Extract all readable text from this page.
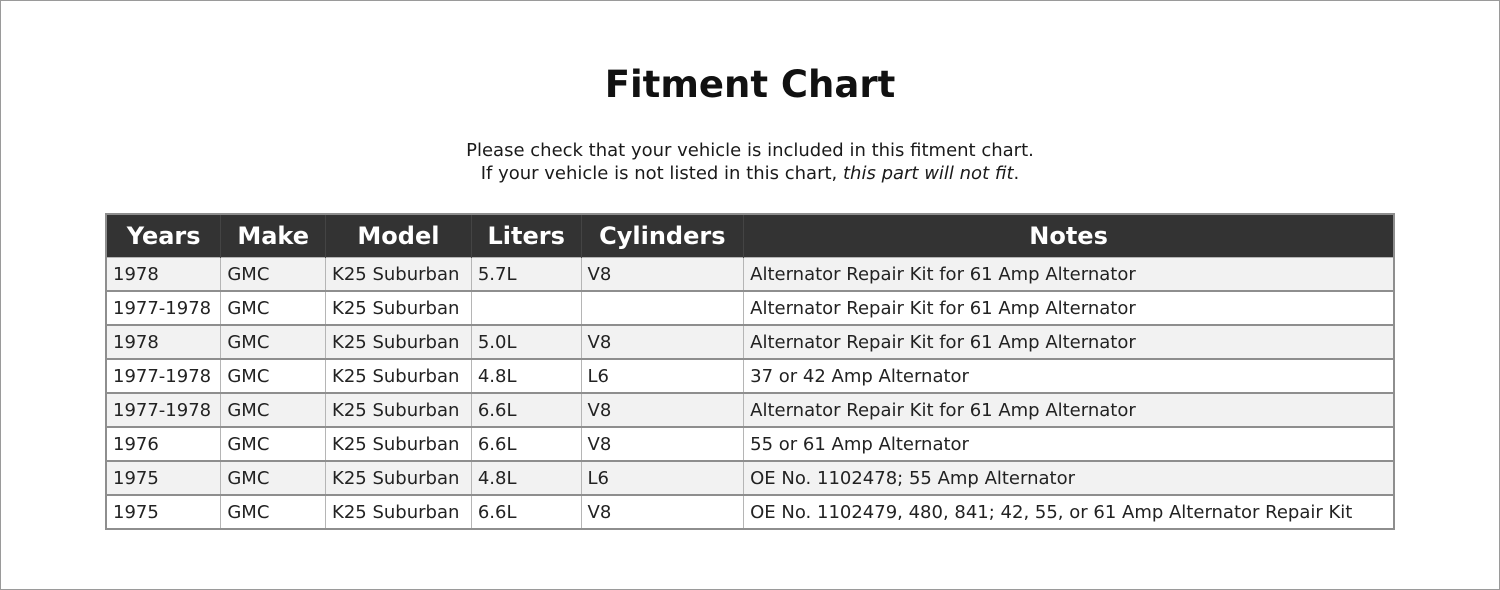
Fitment Chart
Please check that your vehicle is included in this fitment chart.
If your vehicle is not listed in this chart, this part will not fit.
Years	Make	Model	Liters	Cylinders	Notes
1978	GMC	K25 Suburban	5.7L	V8	Alternator Repair Kit for 61 Amp Alternator
1977-1978	GMC	K25 Suburban			Alternator Repair Kit for 61 Amp Alternator
1978	GMC	K25 Suburban	5.0L	V8	Alternator Repair Kit for 61 Amp Alternator
1977-1978	GMC	K25 Suburban	4.8L	L6	37 or 42 Amp Alternator
1977-1978	GMC	K25 Suburban	6.6L	V8	Alternator Repair Kit for 61 Amp Alternator
1976	GMC	K25 Suburban	6.6L	V8	55 or 61 Amp Alternator
1975	GMC	K25 Suburban	4.8L	L6	OE No. 1102478; 55 Amp Alternator
1975	GMC	K25 Suburban	6.6L	V8	OE No. 1102479, 480, 841; 42, 55, or 61 Amp Alternator Repair Kit
